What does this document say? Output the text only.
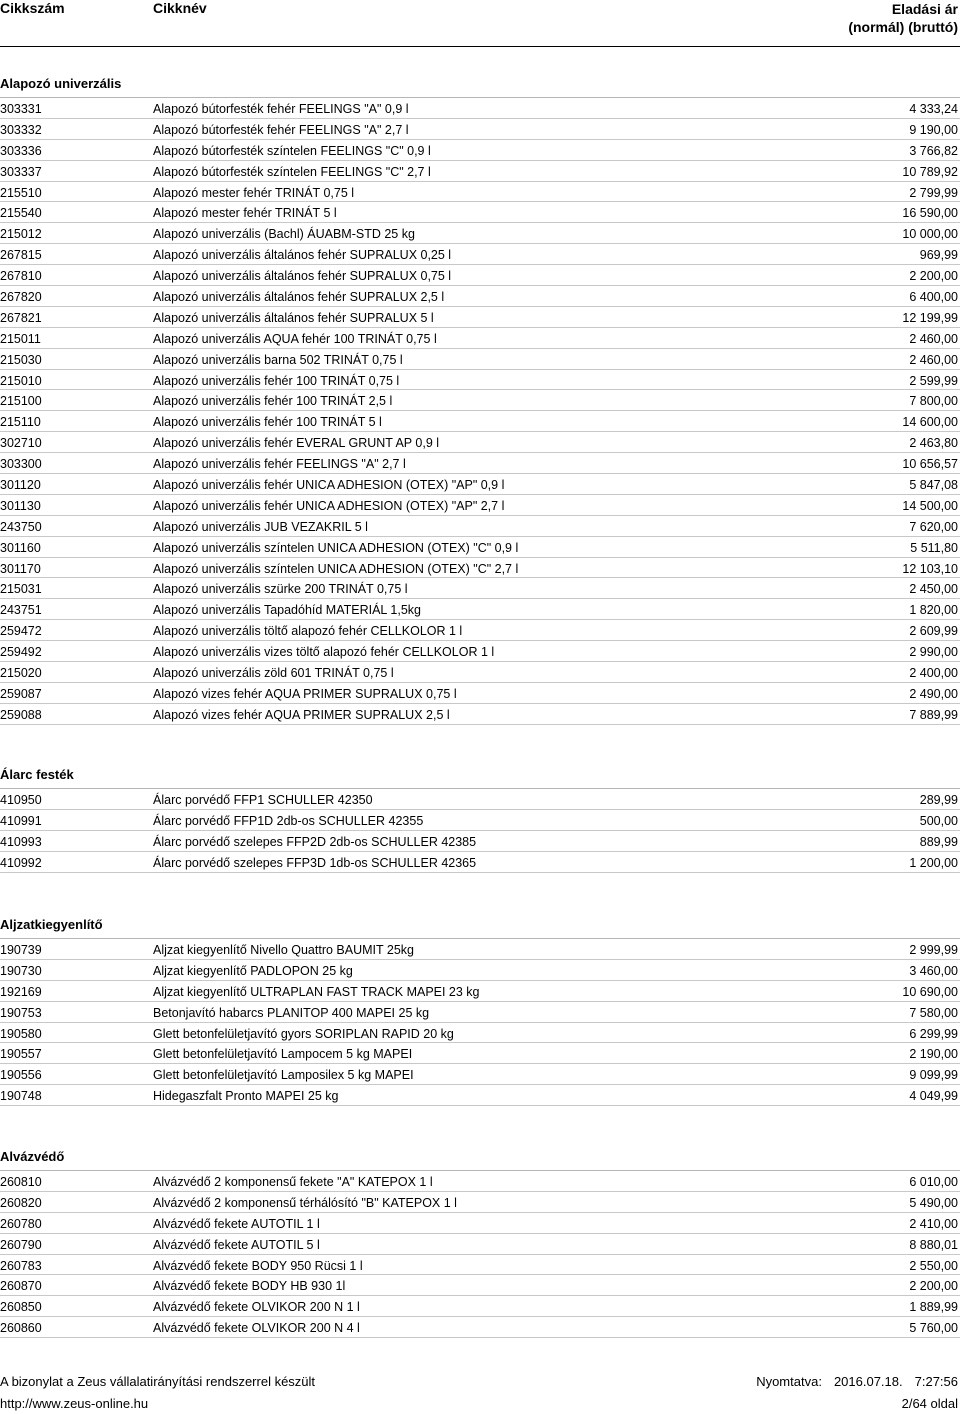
Cikkszám	Cikknév	Eladási ár
(normál) (bruttó)
Alapozó univerzális
303331	Alapozó bútorfesték fehér FEELINGS "A" 0,9 l	4 333,24
303332	Alapozó bútorfesték fehér FEELINGS "A" 2,7 l	9 190,00
303336	Alapozó bútorfesték színtelen FEELINGS "C" 0,9 l	3 766,82
303337	Alapozó bútorfesték színtelen FEELINGS "C" 2,7 l	10 789,92
215510	Alapozó mester fehér TRINÁT 0,75 l	2 799,99
215540	Alapozó mester fehér TRINÁT 5 l	16 590,00
215012	Alapozó univerzális (Bachl) ÁUABM-STD 25 kg	10 000,00
267815	Alapozó univerzális általános fehér SUPRALUX 0,25 l	969,99
267810	Alapozó univerzális általános fehér SUPRALUX 0,75 l	2 200,00
267820	Alapozó univerzális általános fehér SUPRALUX 2,5 l	6 400,00
267821	Alapozó univerzális általános fehér SUPRALUX 5 l	12 199,99
215011	Alapozó univerzális AQUA fehér 100 TRINÁT 0,75 l	2 460,00
215030	Alapozó univerzális barna 502 TRINÁT 0,75 l	2 460,00
215010	Alapozó univerzális fehér 100 TRINÁT 0,75 l	2 599,99
215100	Alapozó univerzális fehér 100 TRINÁT 2,5 l	7 800,00
215110	Alapozó univerzális fehér 100 TRINÁT 5 l	14 600,00
302710	Alapozó univerzális fehér EVERAL GRUNT AP 0,9 l	2 463,80
303300	Alapozó univerzális fehér FEELINGS "A" 2,7 l	10 656,57
301120	Alapozó univerzális fehér UNICA ADHESION (OTEX) "AP" 0,9 l	5 847,08
301130	Alapozó univerzális fehér UNICA ADHESION (OTEX) "AP" 2,7 l	14 500,00
243750	Alapozó univerzális JUB VEZAKRIL 5 l	7 620,00
301160	Alapozó univerzális színtelen UNICA ADHESION (OTEX) "C" 0,9 l	5 511,80
301170	Alapozó univerzális színtelen UNICA ADHESION (OTEX) "C" 2,7 l	12 103,10
215031	Alapozó univerzális szürke 200 TRINÁT 0,75 l	2 450,00
243751	Alapozó univerzális Tapadóhíd MATERIÁL 1,5kg	1 820,00
259472	Alapozó univerzális töltő alapozó fehér CELLKOLOR 1 l	2 609,99
259492	Alapozó univerzális vizes töltő alapozó fehér CELLKOLOR 1 l	2 990,00
215020	Alapozó univerzális zöld 601 TRINÁT 0,75 l	2 400,00
259087	Alapozó vizes fehér AQUA PRIMER SUPRALUX 0,75 l	2 490,00
259088	Alapozó vizes fehér AQUA PRIMER SUPRALUX 2,5 l	7 889,99
Álarc festék
410950	Álarc porvédő FFP1 SCHULLER 42350	289,99
410991	Álarc porvédő FFP1D 2db-os SCHULLER 42355	500,00
410993	Álarc porvédő szelepes FFP2D 2db-os SCHULLER 42385	889,99
410992	Álarc porvédő szelepes FFP3D 1db-os SCHULLER 42365	1 200,00
Aljzatkiegyenlítő
190739	Aljzat kiegyenlítő Nivello Quattro BAUMIT 25kg	2 999,99
190730	Aljzat kiegyenlítő PADLOPON 25 kg	3 460,00
192169	Aljzat kiegyenlítő ULTRAPLAN FAST TRACK MAPEI 23 kg	10 690,00
190753	Betonjavító habarcs PLANITOP 400 MAPEI 25 kg	7 580,00
190580	Glett betonfelületjavító gyors SORIPLAN RAPID 20 kg	6 299,99
190557	Glett betonfelületjavító Lampocem 5 kg MAPEI	2 190,00
190556	Glett betonfelületjavító Lamposilex 5 kg MAPEI	9 099,99
190748	Hidegaszfalt Pronto MAPEI 25 kg	4 049,99
Alvázvédő
260810	Alvázvédő 2 komponensű fekete "A" KATEPOX 1 l	6 010,00
260820	Alvázvédő 2 komponensű térhálósító "B" KATEPOX 1 l	5 490,00
260780	Alvázvédő fekete AUTOTIL 1 l	2 410,00
260790	Alvázvédő fekete AUTOTIL 5 l	8 880,01
260783	Alvázvédő fekete BODY 950 Rücsi 1 l	2 550,00
260870	Alvázvédő fekete BODY HB 930 1l	2 200,00
260850	Alvázvédő fekete OLVIKOR 200 N 1 l	1 889,99
260860	Alvázvédő fekete OLVIKOR 200 N 4 l	5 760,00
A bizonylat a Zeus vállalatirányítási rendszerrel készült
http://www.zeus-online.hu
Nyomtatva: 2016.07.18. 7:27:56
2/64 oldal
